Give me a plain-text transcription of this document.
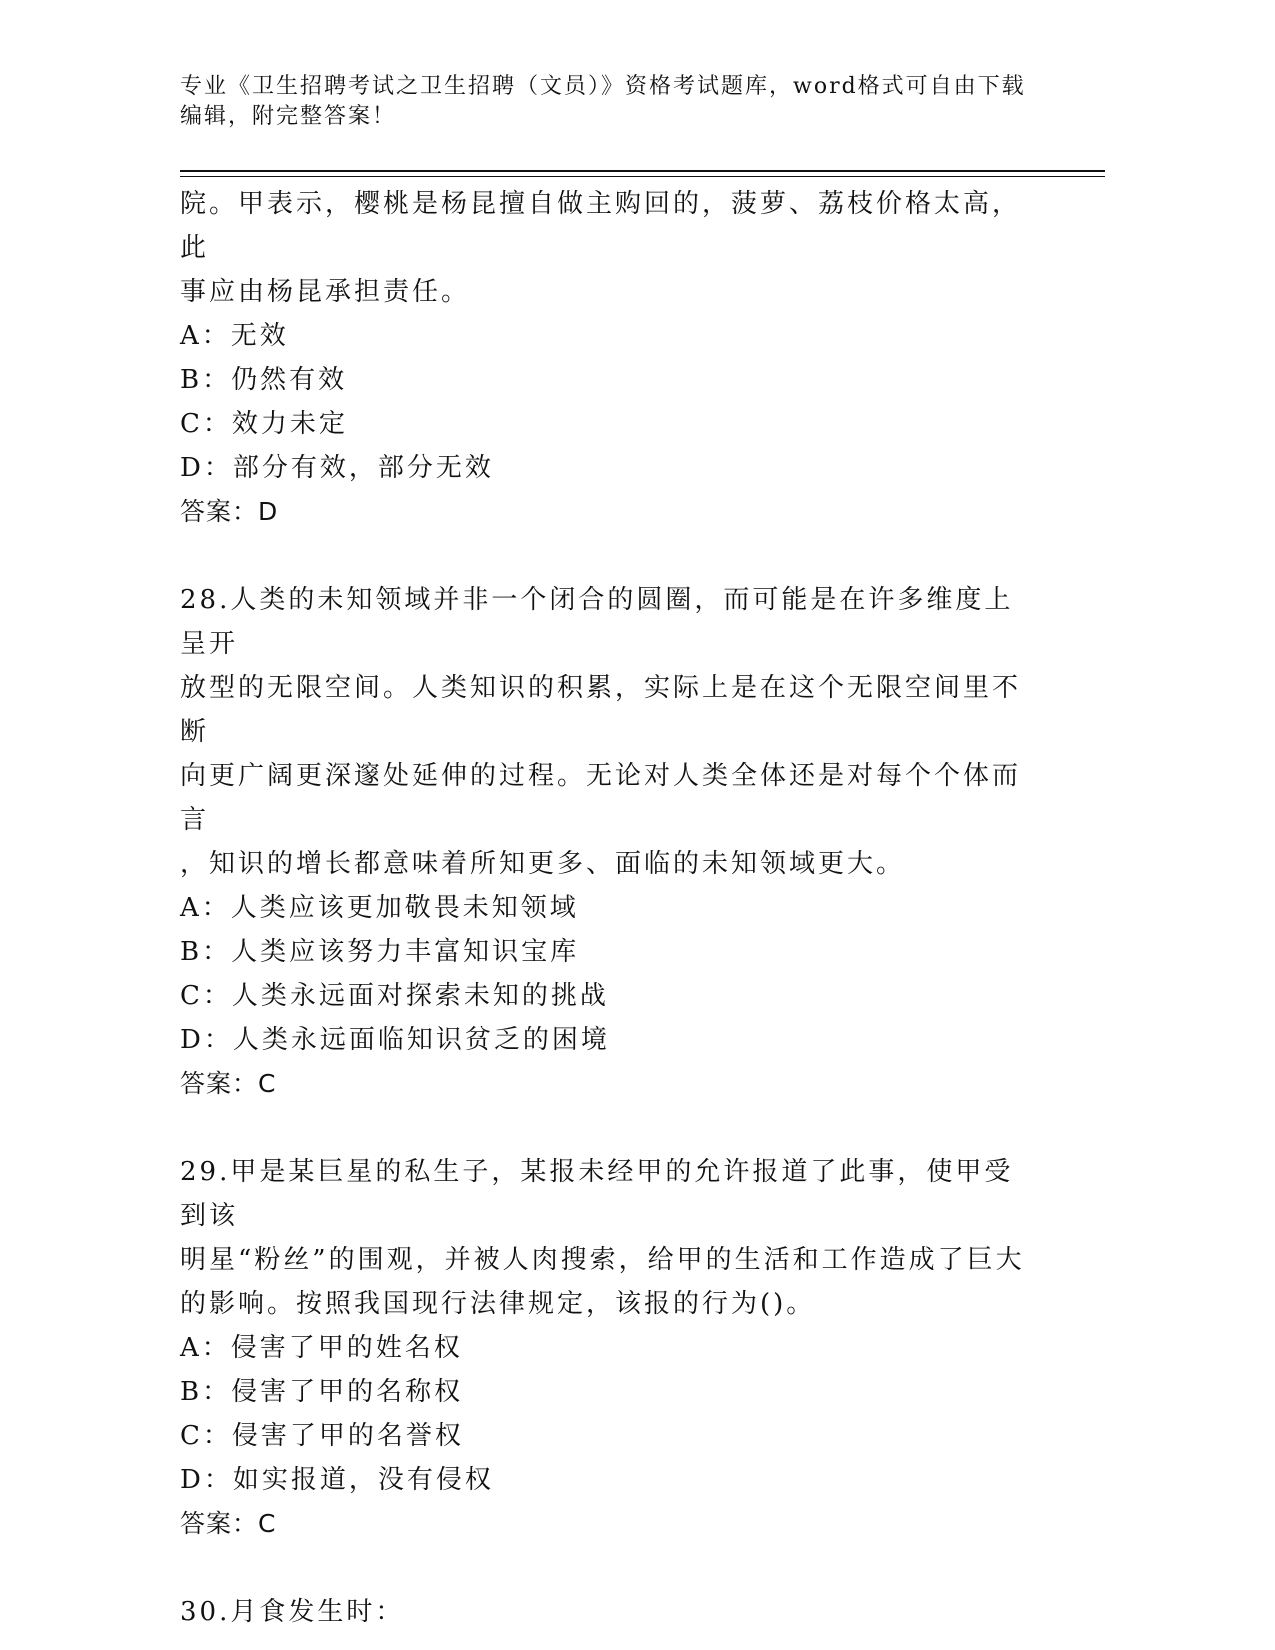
专业《卫生招聘考试之卫生招聘（文员）》资格考试题库，word格式可自由下载
编辑，附完整答案！

院。甲表示，樱桃是杨昆擅自做主购回的，菠萝、荔枝价格太高，此

事应由杨昆承担责任。

A：无效

B：仍然有效

C：效力未定

D：部分有效，部分无效

答案：D

28.人类的未知领域并非一个闭合的圆圈，而可能是在许多维度上呈开

放型的无限空间。人类知识的积累，实际上是在这个无限空间里不断

向更广阔更深邃处延伸的过程。无论对人类全体还是对每个个体而言

，知识的增长都意味着所知更多、面临的未知领域更大。

A：人类应该更加敬畏未知领域

B：人类应该努力丰富知识宝库

C：人类永远面对探索未知的挑战

D：人类永远面临知识贫乏的困境

答案：C

29.甲是某巨星的私生子，某报未经甲的允许报道了此事，使甲受到该

明星“粉丝”的围观，并被人肉搜索，给甲的生活和工作造成了巨大

的影响。按照我国现行法律规定，该报的行为()。

A：侵害了甲的姓名权

B：侵害了甲的名称权

C：侵害了甲的名誉权

D：如实报道，没有侵权

答案：C

30.月食发生时：
